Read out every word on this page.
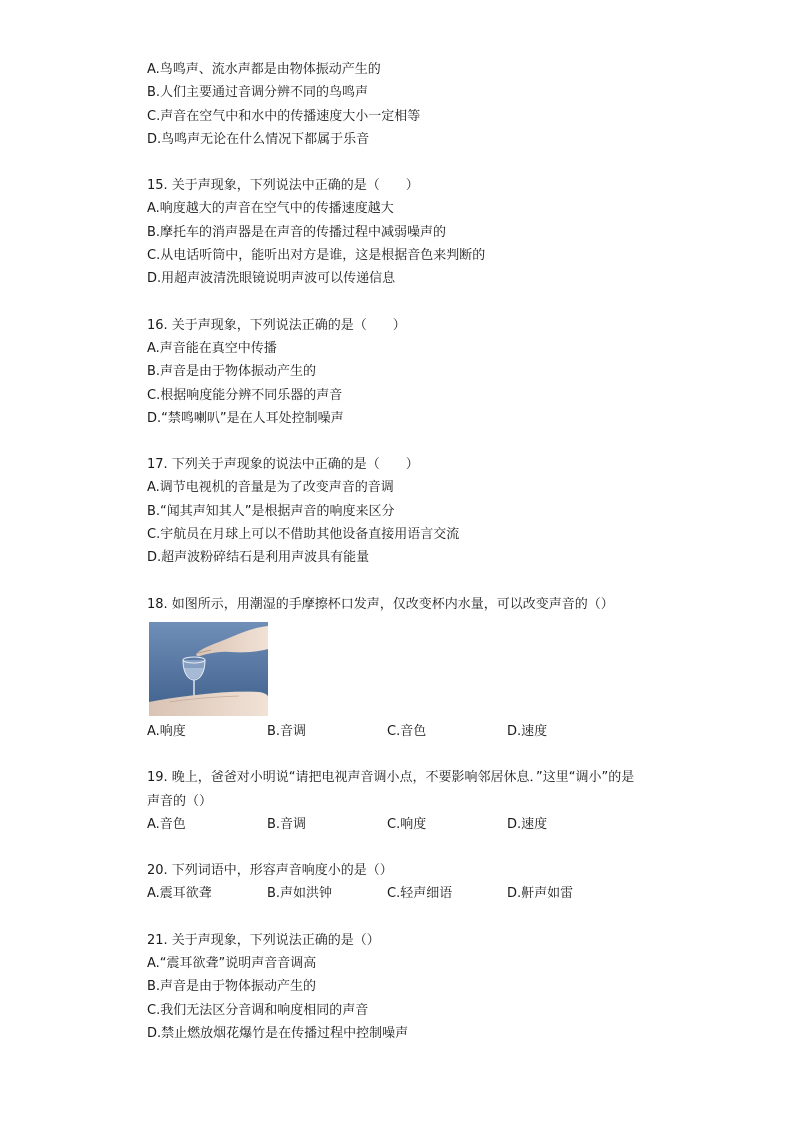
A.鸟鸣声、流水声都是由物体振动产生的
B.人们主要通过音调分辨不同的鸟鸣声
C.声音在空气中和水中的传播速度大小一定相等
D.鸟鸣声无论在什么情况下都属于乐音
15. 关于声现象，下列说法中正确的是（　　）
A.响度越大的声音在空气中的传播速度越大
B.摩托车的消声器是在声音的传播过程中减弱噪声的
C.从电话听筒中，能听出对方是谁，这是根据音色来判断的
D.用超声波清洗眼镜说明声波可以传递信息
16. 关于声现象，下列说法正确的是（　　）
A.声音能在真空中传播
B.声音是由于物体振动产生的
C.根据响度能分辨不同乐器的声音
D.“禁鸣喇叭”是在人耳处控制噪声
17. 下列关于声现象的说法中正确的是（　　）
A.调节电视机的音量是为了改变声音的音调
B.“闻其声知其人”是根据声音的响度来区分
C.宇航员在月球上可以不借助其他设备直接用语言交流
D.超声波粉碎结石是利用声波具有能量
18. 如图所示，用潮湿的手摩擦杯口发声，仅改变杯内水量，可以改变声音的（）
A.响度	B.音调	C.音色	D.速度
19. 晚上，爸爸对小明说“请把电视声音调小点，不要影响邻居休息．”这里“调小”的是
声音的（）
A.音色	B.音调	C.响度	D.速度
20. 下列词语中，形容声音响度小的是（）
A.震耳欲聋	B.声如洪钟	C.轻声细语	D.鼾声如雷
21. 关于声现象，下列说法正确的是（）
A.“震耳欲聋”说明声音音调高
B.声音是由于物体振动产生的
C.我们无法区分音调和响度相同的声音
D.禁止燃放烟花爆竹是在传播过程中控制噪声
